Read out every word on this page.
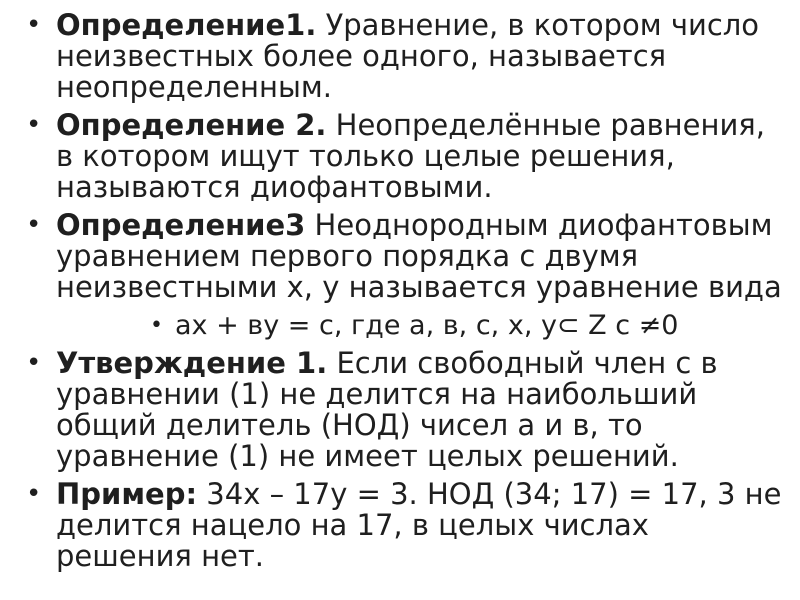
• Определение1. Уравнение, в котором число неизвестных более одного, называется неопределенным.
• Определение 2. Неопределённые равнения, в котором ищут только целые решения, называются диофантовыми.
• Определение3 Неоднородным диофантовым уравнением первого порядка с двумя неизвестными x, y называется уравнение вида
• ax + вy = c, где a, в, c, x, y⊂ Z c ≠0
• Утверждение 1. Если свободный член с в уравнении (1) не делится на наибольший общий делитель (НОД) чисел а и в, то уравнение (1) не имеет целых решений.
• Пример: 34x – 17y = 3. НОД (34; 17) = 17, 3 не делится нацело на 17, в целых числах решения нет.
